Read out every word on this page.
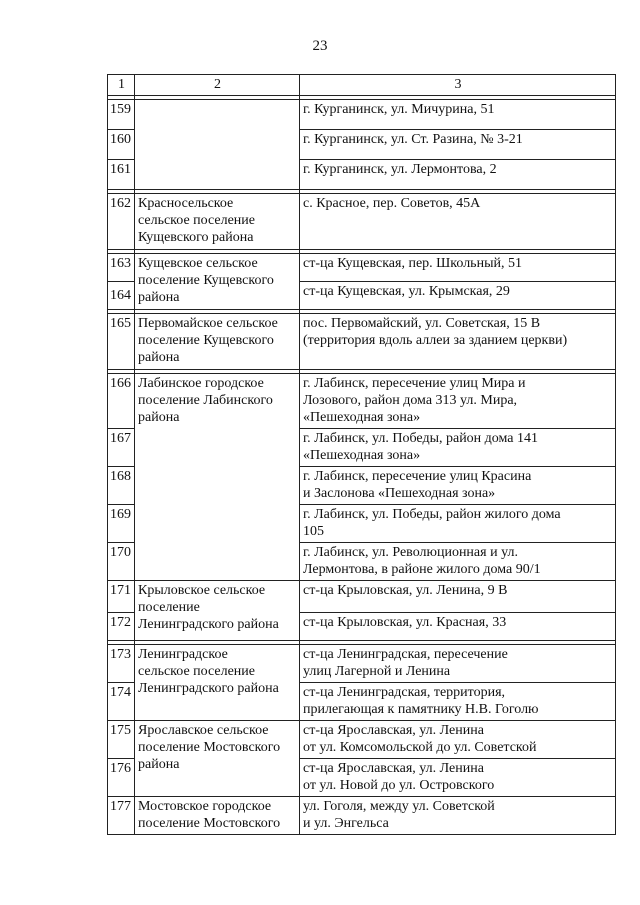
23
1	2	3

159		г. Курганинск, ул. Мичурина, 51

160		г. Курганинск, ул. Ст. Разина, № 3-21

161		г. Курганинск, ул. Лермонтова, 2

162	Красносельское
сельское поселение
Кущевского района	с. Красное, пер. Советов, 45А

163	Кущевское сельское
поселение Кущевского
района	ст-ца Кущевская, пер. Школьный, 51

164		ст-ца Кущевская, ул. Крымская, 29

165	Первомайское сельское
поселение Кущевского
района	пос. Первомайский, ул. Советская, 15 В
(территория вдоль аллеи за зданием церкви)

166	Лабинское городское
поселение Лабинского
района	г. Лабинск, пересечение улиц Мира и
Лозового, район дома 313 ул. Мира,
«Пешеходная зона»

167		г. Лабинск, ул. Победы, район дома 141
«Пешеходная зона»

168		г. Лабинск, пересечение улиц Красина
и Заслонова «Пешеходная зона»

169		г. Лабинск, ул. Победы, район жилого дома
105

170		г. Лабинск, ул. Революционная и ул.
Лермонтова, в районе жилого дома 90/1

171	Крыловское сельское
поселение
Ленинградского района	ст-ца Крыловская, ул. Ленина, 9 В

172		ст-ца Крыловская, ул. Красная, 33

173	Ленинградское
сельское поселение
Ленинградского района	ст-ца Ленинградская, пересечение
улиц Лагерной и Ленина

174		ст-ца Ленинградская, территория,
прилегающая к памятнику Н.В. Гоголю

175	Ярославское сельское
поселение Мостовского
района	ст-ца Ярославская, ул. Ленина
от ул. Комсомольской до ул. Советской

176		ст-ца Ярославская, ул. Ленина
от ул. Новой до ул. Островского

177	Мостовское городское
поселение Мостовского	ул. Гоголя, между ул. Советской
и ул. Энгельса
